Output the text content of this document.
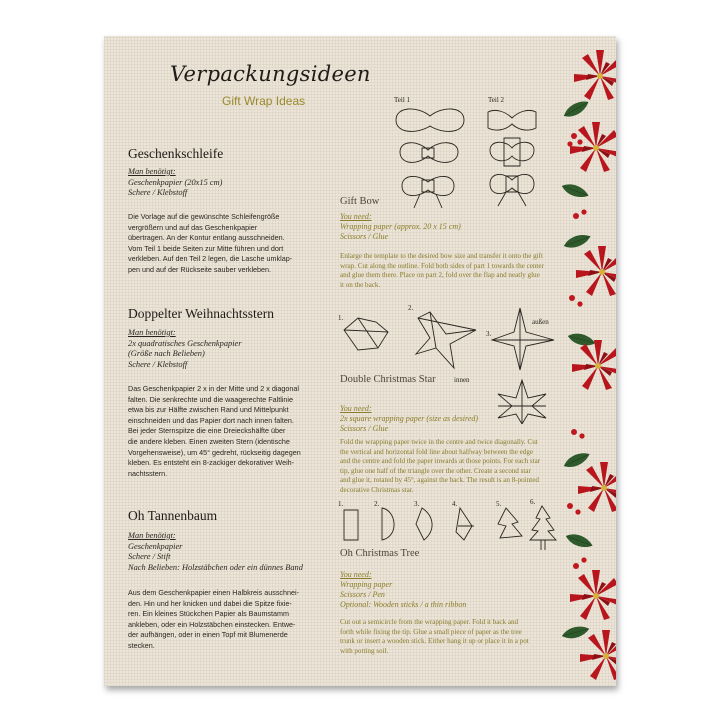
Verpackungsideen
Gift Wrap Ideas
Geschenkschleife
Man benötigt:
Geschenkpapier (20x15 cm)
Schere / Klebstoff
Die Vorlage auf die gewünschte Schleifengröße
vergrößern und auf das Geschenkpapier
übertragen. An der Kontur entlang ausschneiden.
Vom Teil 1 beide Seiten zur Mitte führen und dort
verkleben. Auf den Teil 2 legen, die Lasche umklap-
pen und auf der Rückseite sauber verkleben.
Teil 1	Teil 2
Gift Bow
You need:
Wrapping paper (approx. 20 x 15 cm)
Scissors / Glue
Enlarge the template to the desired bow size and transfer it onto the gift
wrap. Cut along the outline. Fold both sides of part 1 towards the center
and glue them there. Place on part 2, fold over the flap and neatly glue
it on the back.
Doppelter Weihnachtsstern
Man benötigt:
2x quadratisches Geschenkpapier
(Größe nach Belieben)
Schere / Klebstoff
Das Geschenkpapier 2 x in der Mitte und 2 x diagonal
falten. Die senkrechte und die waagerechte Faltlinie
etwa bis zur Hälfte zwischen Rand und Mittelpunkt
einschneiden und das Papier dort nach innen falten.
Bei jeder Sternspitze die eine Dreieckshälfte über
die andere kleben. Einen zweiten Stern (identische
Vorgehensweise), um 45° gedreht, rückseitig dagegen
kleben. Es entsteht ein 8-zackiger dekorativer Weih-
nachtsstern.
1.
2.
3.
außen
innen
Double Christmas Star
You need:
2x square wrapping paper (size as desired)
Scissors / Glue
Fold the wrapping paper twice in the centre and twice diagonally. Cut
the vertical and horizontal fold line about halfway between the edge
and the centre and fold the paper inwards at those points. For each star
tip, glue one half of the triangle over the other. Create a second star
and glue it, rotated by 45°, against the back. The result is an 8-pointed
decorative Christmas star.
Oh Tannenbaum
Man benötigt:
Geschenkpapier
Schere / Stift
Nach Belieben: Holzstäbchen oder ein dünnes Band
Aus dem Geschenkpapier einen Halbkreis ausschnei-
den. Hin und her knicken und dabei die Spitze fixie-
ren. Ein kleines Stückchen Papier als Baumstamm
ankleben, oder ein Holzstäbchen einstecken. Entwe-
der aufhängen, oder in einen Topf mit Blumenerde
stecken.
1.	2.	3.	4.	5.	6.
Oh Christmas Tree
You need:
Wrapping paper
Scissors / Pen
Optional: Wooden sticks / a thin ribbon
Cut out a semicircle from the wrapping paper. Fold it back and
forth while fixing the tip. Glue a small piece of paper as the tree
trunk or insert a wooden stick. Either hang it up or place it in a pot
with potting soil.
